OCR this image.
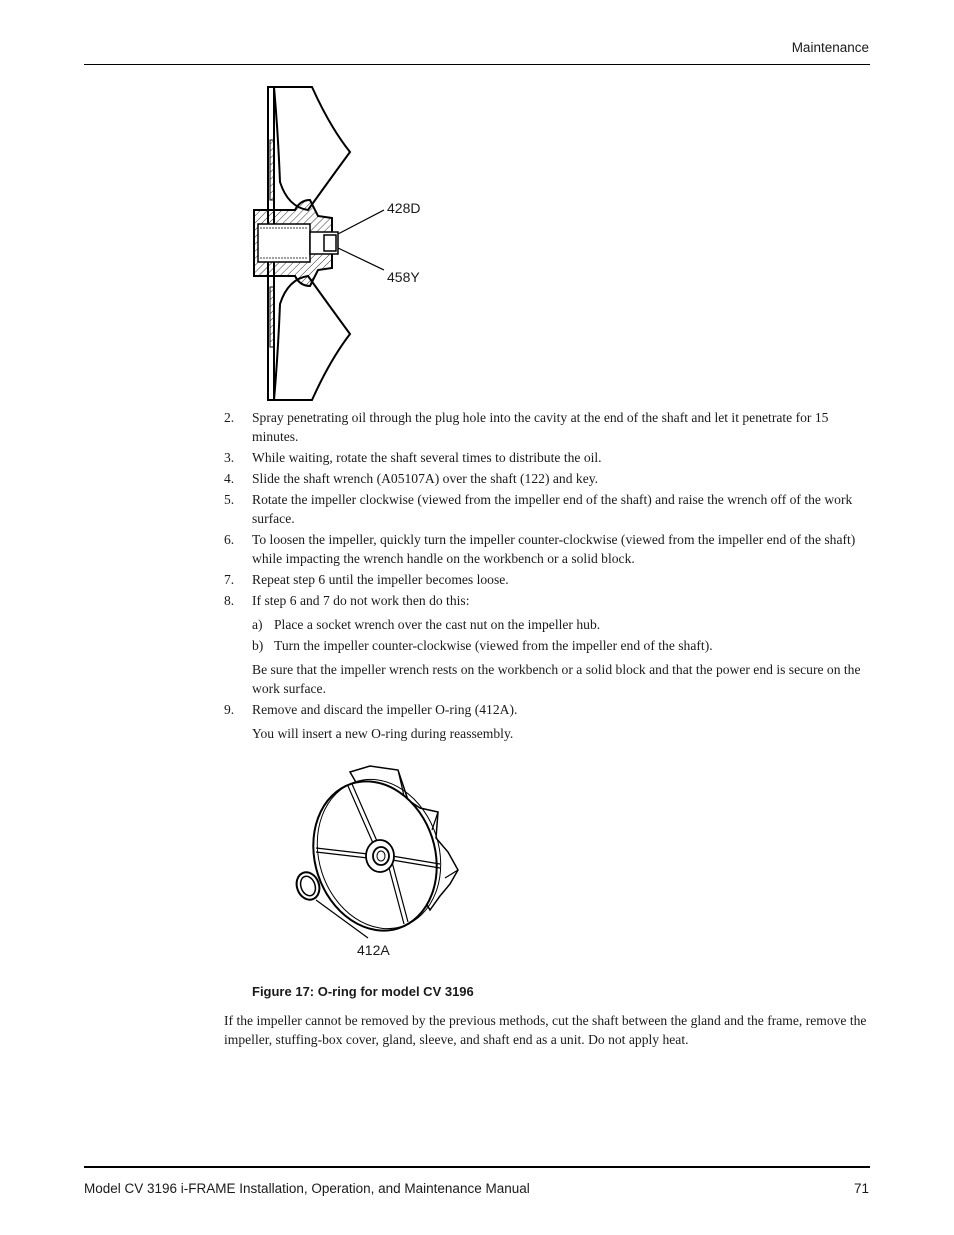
Maintenance
428D
458Y
2. Spray penetrating oil through the plug hole into the cavity at the end of the shaft and let it penetrate for 15 minutes.
3. While waiting, rotate the shaft several times to distribute the oil.
4. Slide the shaft wrench (A05107A) over the shaft (122) and key.
5. Rotate the impeller clockwise (viewed from the impeller end of the shaft) and raise the wrench off of the work surface.
6. To loosen the impeller, quickly turn the impeller counter-clockwise (viewed from the impeller end of the shaft) while impacting the wrench handle on the workbench or a solid block.
7. Repeat step 6 until the impeller becomes loose.
8. If step 6 and 7 do not work then do this:
a) Place a socket wrench over the cast nut on the impeller hub.
b) Turn the impeller counter-clockwise (viewed from the impeller end of the shaft).
Be sure that the impeller wrench rests on the workbench or a solid block and that the power end is secure on the work surface.
9. Remove and discard the impeller O-ring (412A).
You will insert a new O-ring during reassembly.
412A
Figure 17: O-ring for model CV 3196
If the impeller cannot be removed by the previous methods, cut the shaft between the gland and the frame, remove the impeller, stuffing-box cover, gland, sleeve, and shaft end as a unit. Do not apply heat.
Model CV 3196 i-FRAME Installation, Operation, and Maintenance Manual	71
